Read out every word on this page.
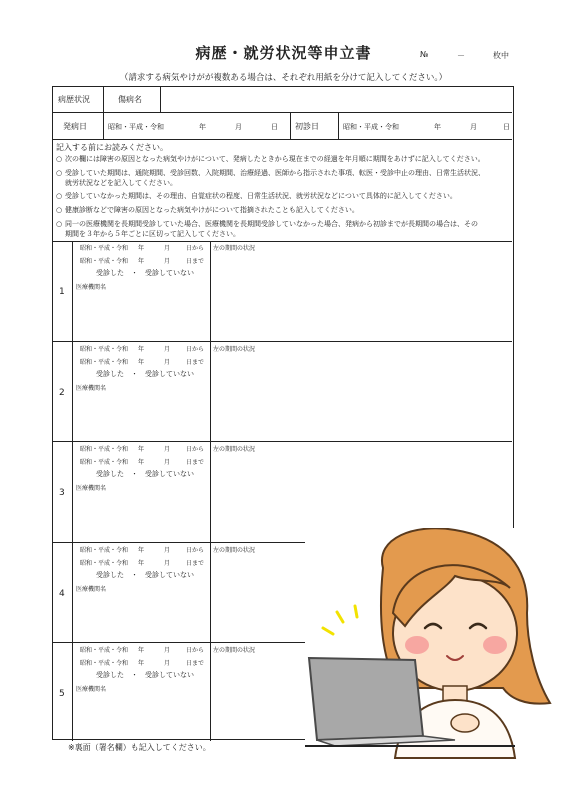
病歴・就労状況等申立書	№	－	枚中
（請求する病気やけがが複数ある場合は、それぞれ用紙を分けて記入してください。）
病歴状況	傷病名
発病日	昭和・平成・令和	年	月	日 初診日	昭和・平成・令和	年	月	日
記入する前にお読みください。
○ 次の欄には障害の原因となった病気やけがについて、発病したときから現在までの経過を年月順に期間をあけずに記入してください。
○ 受診していた期間は、通院期間、受診回数、入院期間、治療経過、医師から指示された事項、転医・受診中止の理由、日常生活状況、
就労状況などを記入してください。
○ 受診していなかった期間は、その理由、自覚症状の程度、日常生活状況、就労状況などについて具体的に記入してください。
○ 健康診断などで障害の原因となった病気やけがについて指摘されたことも記入してください。
○ 同一の医療機関を長期間受診していた場合、医療機関を長期間受診していなかった場合、発病から初診までが長期間の場合は、その
期間を３年から５年ごとに区切って記入してください。
1
昭和・平成・令和 年	月	日から
昭和・平成・令和 年	月	日まで
受診した　・　受診していない
医療機関名
左の期間の状況
2
昭和・平成・令和 年	月	日から
昭和・平成・令和 年	月	日まで
受診した　・　受診していない
医療機関名
左の期間の状況
3
昭和・平成・令和 年	月	日から
昭和・平成・令和 年	月	日まで
受診した　・　受診していない
医療機関名
左の期間の状況
4
昭和・平成・令和 年	月	日から
昭和・平成・令和 年	月	日まで
受診した　・　受診していない
医療機関名
左の期間の状況
5
昭和・平成・令和 年	月	日から
昭和・平成・令和 年	月	日まで
受診した　・　受診していない
医療機関名
左の期間の状況
※裏面（署名欄）も記入してください。
